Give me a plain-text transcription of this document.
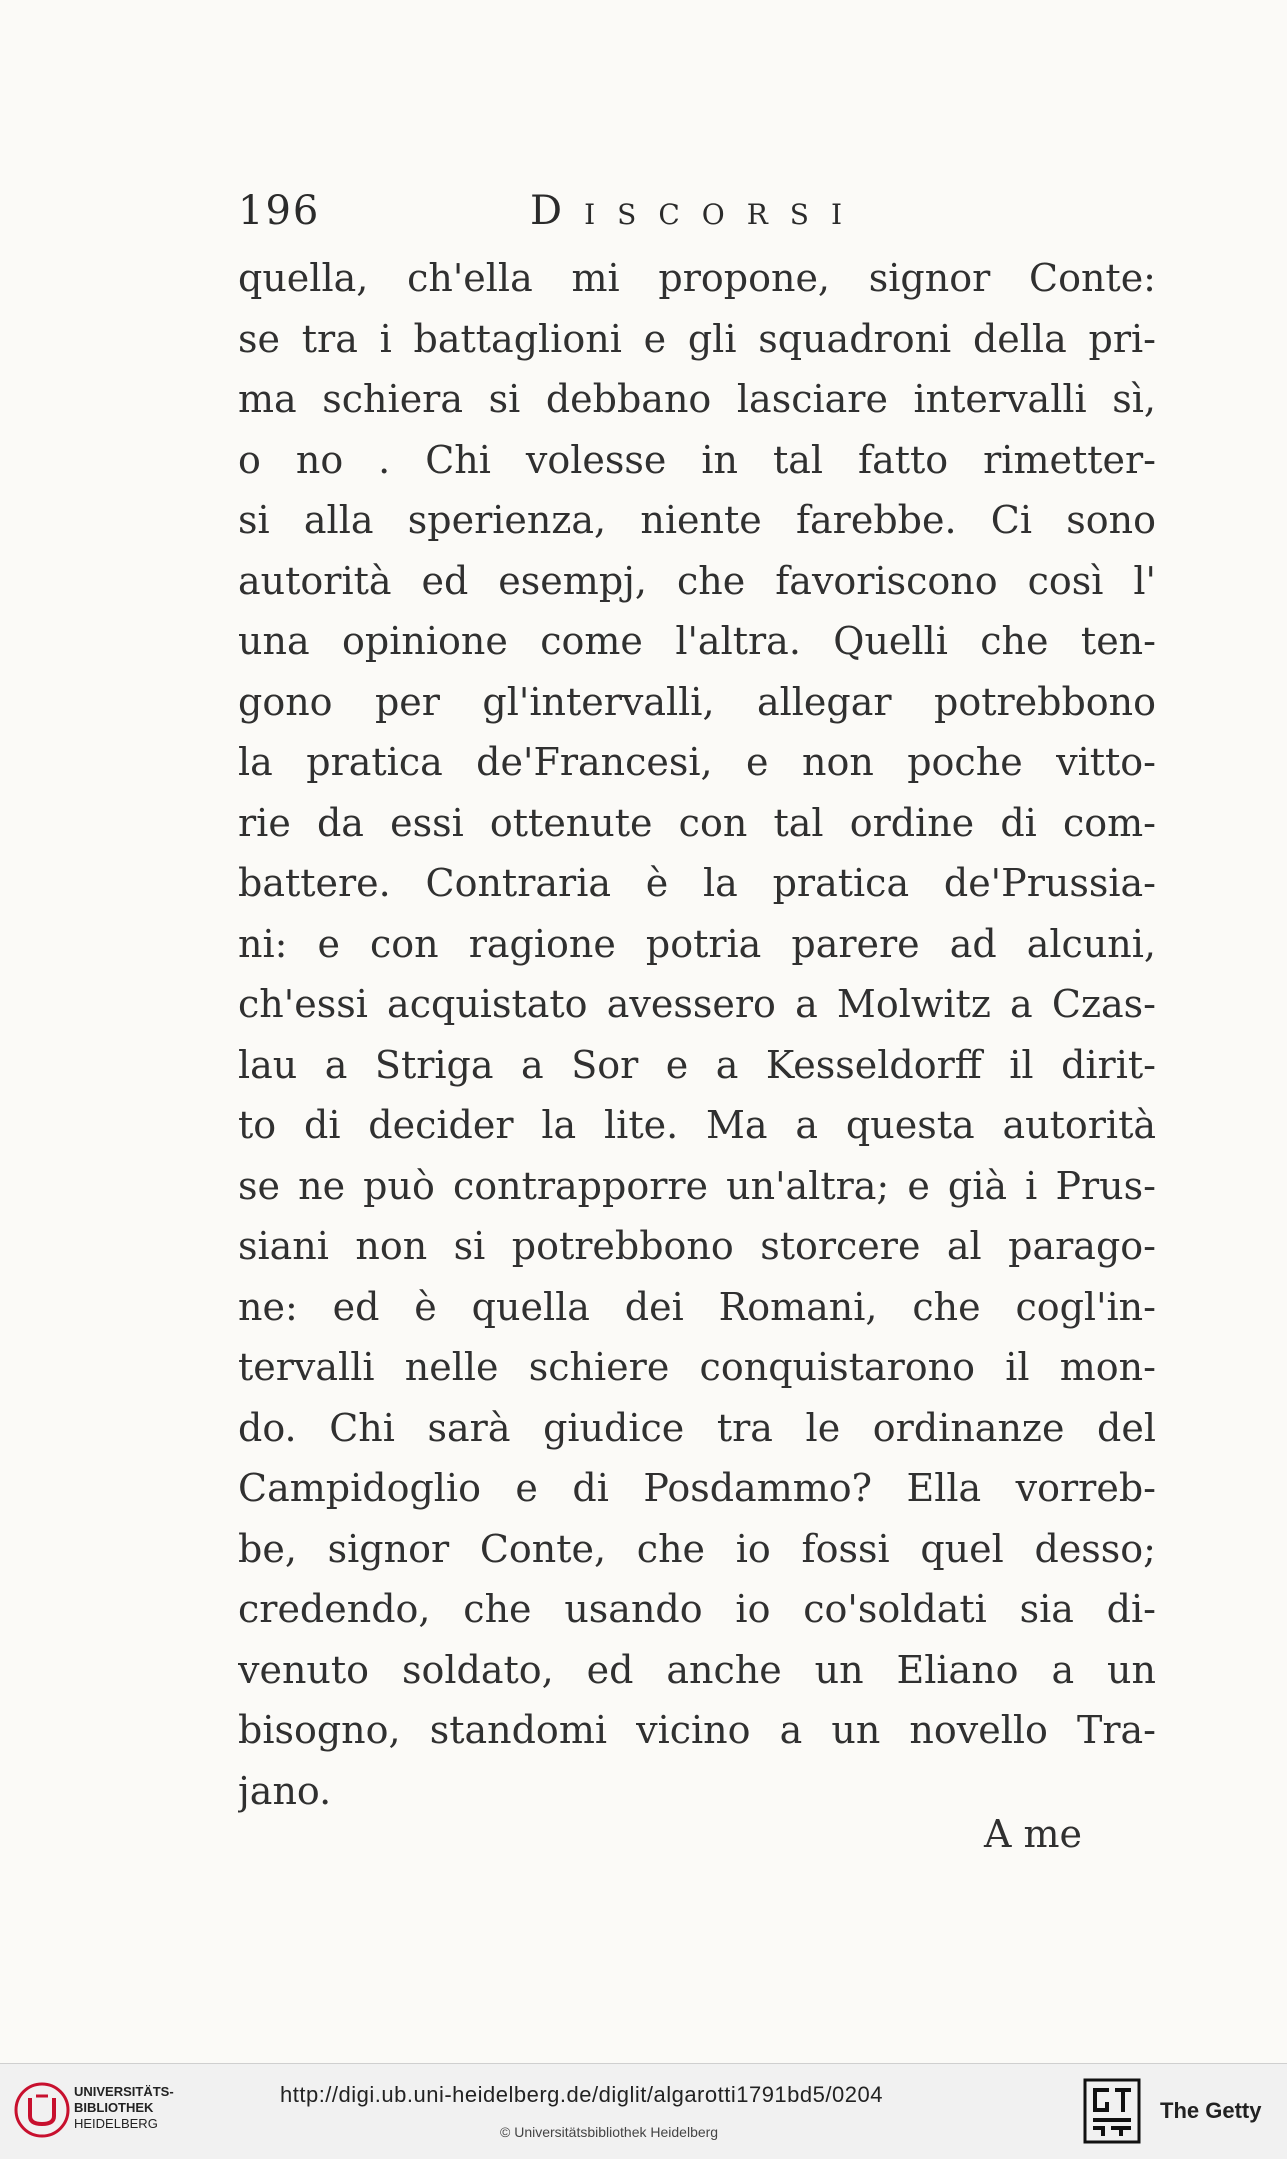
196	Discorsi
quella, ch'ella mi propone, signor Conte:
se tra i battaglioni e gli squadroni della pri-
ma schiera si debbano lasciare intervalli sì,
o no . Chi volesse in tal fatto rimetter-
si alla sperienza, niente farebbe. Ci sono
autorità ed esempj, che favoriscono così l'
una opinione come l'altra. Quelli che ten-
gono per gl'intervalli, allegar potrebbono
la pratica de'Francesi, e non poche vitto-
rie da essi ottenute con tal ordine di com-
battere. Contraria è la pratica de'Prussia-
ni: e con ragione potria parere ad alcuni,
ch'essi acquistato avessero a Molwitz a Czas-
lau a Striga a Sor e a Kesseldorff il dirit-
to di decider la lite. Ma a questa autorità
se ne può contrapporre un'altra; e già i Prus-
siani non si potrebbono storcere al parago-
ne: ed è quella dei Romani, che cogl'in-
tervalli nelle schiere conquistarono il mon-
do. Chi sarà giudice tra le ordinanze del
Campidoglio e di Posdammo? Ella vorreb-
be, signor Conte, che io fossi quel desso;
credendo, che usando io co'soldati sia di-
venuto soldato, ed anche un Eliano a un
bisogno, standomi vicino a un novello Tra-
jano.
A me
UNIVERSITÄTS-
BIBLIOTHEK
HEIDELBERG
http://digi.ub.uni-heidelberg.de/diglit/algarotti1791bd5/0204
© Universitätsbibliothek Heidelberg
The Getty
